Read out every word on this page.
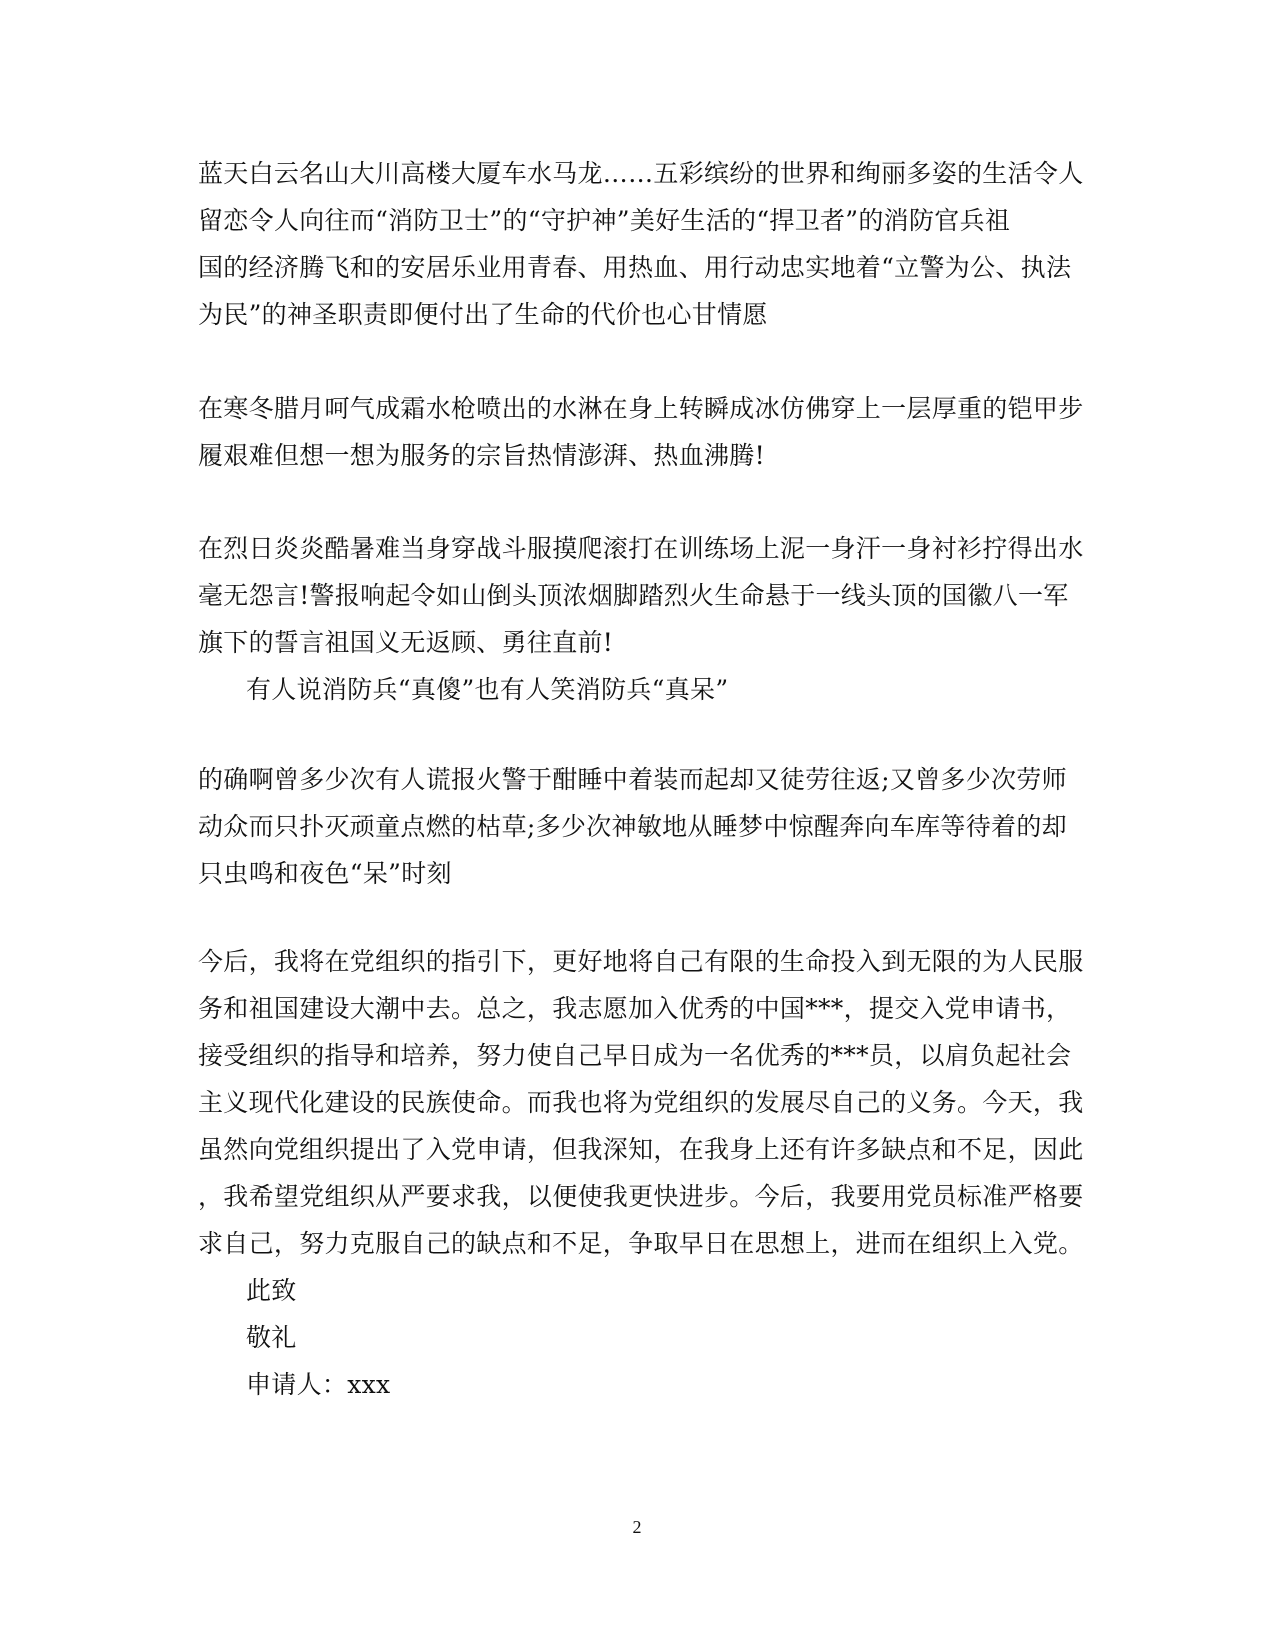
蓝天白云名山大川高楼大厦车水马龙……五彩缤纷的世界和绚丽多姿的生活令人
留恋令人向往而“消防卫士”的“守护神”美好生活的“捍卫者”的消防官兵祖
国的经济腾飞和的安居乐业用青春、用热血、用行动忠实地着“立警为公、执法
为民”的神圣职责即便付出了生命的代价也心甘情愿
在寒冬腊月呵气成霜水枪喷出的水淋在身上转瞬成冰仿佛穿上一层厚重的铠甲步
履艰难但想一想为服务的宗旨热情澎湃、热血沸腾!
在烈日炎炎酷暑难当身穿战斗服摸爬滚打在训练场上泥一身汗一身衬衫拧得出水
毫无怨言!警报响起令如山倒头顶浓烟脚踏烈火生命悬于一线头顶的国徽八一军
旗下的誓言祖国义无返顾、勇往直前!
有人说消防兵“真傻”也有人笑消防兵“真呆”
的确啊曾多少次有人谎报火警于酣睡中着装而起却又徒劳往返;又曾多少次劳师
动众而只扑灭顽童点燃的枯草;多少次神敏地从睡梦中惊醒奔向车库等待着的却
只虫鸣和夜色“呆”时刻
今后，我将在党组织的指引下，更好地将自己有限的生命投入到无限的为人民服
务和祖国建设大潮中去。总之，我志愿加入优秀的中国***，提交入党申请书，
接受组织的指导和培养，努力使自己早日成为一名优秀的***员，以肩负起社会
主义现代化建设的民族使命。而我也将为党组织的发展尽自己的义务。今天，我
虽然向党组织提出了入党申请，但我深知，在我身上还有许多缺点和不足，因此
，我希望党组织从严要求我，以便使我更快进步。今后，我要用党员标准严格要
求自己，努力克服自己的缺点和不足，争取早日在思想上，进而在组织上入党。
此致
敬礼
申请人：xxx
2
